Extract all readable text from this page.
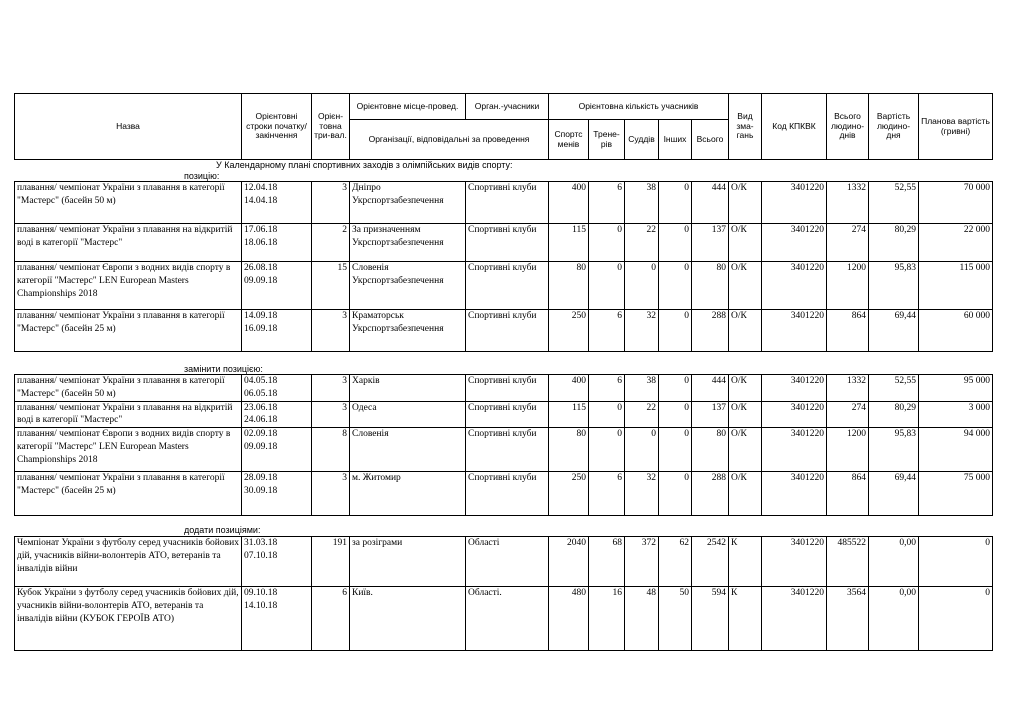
Назва	Орієнтовні строки початку/ закінчення	Орієн-товна три-вал.	Орієнтовне місце-провед.	Орган.-учасники	Орієнтовна кількість учасників					Вид зма-гань	Код КПКВК	Всього людино-днів	Вартість людино-дня	Планова вартість (гривні)
			Організації, відповідальні за проведення		Спортс менів	Трене-рів	Суддів	Інших	Всього					
У Календарному плані спортивних заходів з олімпійських видів спорту:
позицію:
плавання/ чемпіонат України з плавання в категорії "Мастерс" (басейн 50 м)	12.04.18 14.04.18	3	Дніпро Укрспортзабезпечення	Спортивні клуби	400	6	38	0	444	О/К	3401220	1332	52,55	70 000
плавання/ чемпіонат України з плавання на відкритій воді в категорії "Мастерс"	17.06.18 18.06.18	2	За призначенням Укрспортзабезпечення	Спортивні клуби	115	0	22	0	137	О/К	3401220	274	80,29	22 000
плавання/ чемпіонат Європи з водних видів спорту в категорії "Мастерс" LEN European Masters Championships 2018	26.08.18 09.09.18	15	Словенія Укрспортзабезпечення	Спортивні клуби	80	0	0	0	80	О/К	3401220	1200	95,83	115 000
плавання/ чемпіонат України з плавання в категорії "Мастерс" (басейн 25 м)	14.09.18 16.09.18	3	Краматорськ Укрспортзабезпечення	Спортивні клуби	250	6	32	0	288	О/К	3401220	864	69,44	60 000
замінити позицією:
плавання/ чемпіонат України з плавання в категорії "Мастерс" (басейн 50 м)	04.05.18 06.05.18	3	Харків	Спортивні клуби	400	6	38	0	444	О/К	3401220	1332	52,55	95 000
плавання/ чемпіонат України з плавання на відкритій воді в категорії "Мастерс"	23.06.18 24.06.18	3	Одеса	Спортивні клуби	115	0	22	0	137	О/К	3401220	274	80,29	3 000
плавання/ чемпіонат Європи з водних видів спорту в категорії "Мастерс" LEN European Masters Championships 2018	02.09.18 09.09.18	8	Словенія	Спортивні клуби	80	0	0	0	80	О/К	3401220	1200	95,83	94 000
плавання/ чемпіонат України з плавання в категорії "Мастерс" (басейн 25 м)	28.09.18 30.09.18	3	м. Житомир	Спортивні клуби	250	6	32	0	288	О/К	3401220	864	69,44	75 000
додати позиціями:
Чемпіонат України з футболу серед учасників бойових дій, учасників війни-волонтерів АТО, ветеранів та інвалідів війни	31.03.18 07.10.18	191	за розіграми	Області	2040	68	372	62	2542	К	3401220	485522	0,00	0
Кубок України з футболу серед учасників бойових дій, учасників війни-волонтерів АТО, ветеранів та інвалідів війни (КУБОК ГЕРОЇВ АТО)	09.10.18 14.10.18	6	Київ.	Області.	480	16	48	50	594	К	3401220	3564	0,00	0
